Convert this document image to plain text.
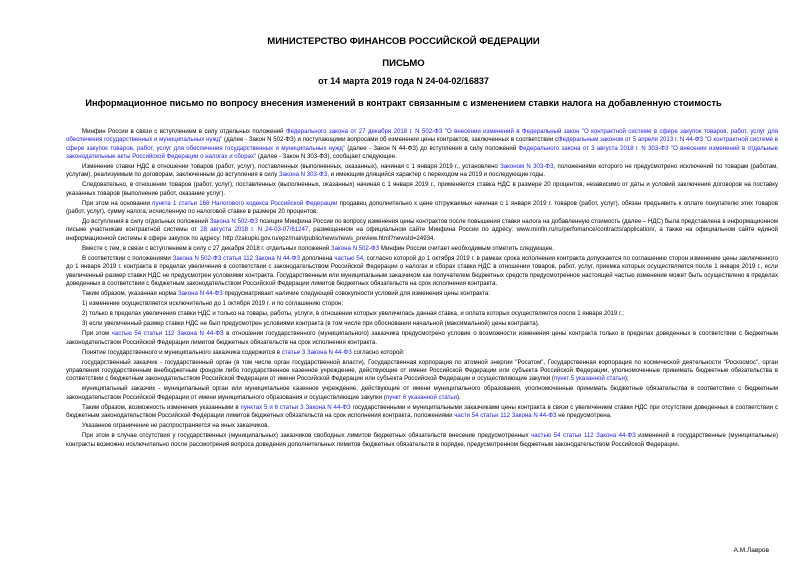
МИНИСТЕРСТВО ФИНАНСОВ РОССИЙСКОЙ ФЕДЕРАЦИИ
ПИСЬМО
от 14 марта 2019 года N 24-04-02/16837
Информационное письмо по вопросу внесения изменений в контракт связанным с изменением ставки налога на добавленную стоимость

Минфин России в связи с вступлением в силу отдельных положений Федерального закона от 27 декабря 2018 г. N 502-ФЗ "О внесении изменений в Федеральный закон "О контрактной системе в сфере закупок товаров, работ, услуг для обеспечения государственных и муниципальных нужд" (далее - Закон N 502-ФЗ) и поступающими вопросами об изменении цены контрактов, заключенных в соответствии сФедеральным законом от 5 апреля 2013 г. N 44-ФЗ "О контрактной системе в сфере закупок товаров, работ, услуг для обеспечения государственных и муниципальных нужд" (далее - Закон N 44-ФЗ) до вступления в силу положений Федерального закона от 3 августа 2018 г. N 303-ФЗ "О внесении изменений в отдельные законодательные акты Российской Федерации о налогах и сборах" (далее - Закон N 303-ФЗ), сообщает следующее.

Изменение ставки НДС в отношении товаров (работ, услуг), поставленных (выполненных, оказанных), начиная с 1 января 2019 г., установлено Законом N 303-ФЗ, положениями которого не предусмотрено исключений по товарам (работам, услугам), реализуемым по договорам, заключенным до вступления в силу Закона N 303-ФЗ, и имеющим длящийся характер с переходом на 2019 и последующие годы.

Следовательно, в отношении товаров (работ, услуг), поставленных (выполненных, оказанных) начиная с 1 января 2019 г., применяется ставка НДС в размере 20 процентов, независимо от даты и условий заключения договоров на поставку указанных товаров (выполнение работ, оказание услуг).

При этом на основании пункта 1 статьи 168 Налогового кодекса Российской Федерации продавец дополнительно к цене отгружаемых начиная с 1 января 2019 г. товаров (работ, услуг), обязан предъявить к оплате покупателю этих товаров (работ, услуг), сумму налога, исчисленную по налоговой ставке в размере 20 процентов.

До вступления в силу отдельных положений Закона N 502-ФЗ позиция Минфина России по вопросу изменения цены контрактов после повышения ставки налога на добавленную стоимость (далее – НДС) была представлена в информационном письме участникам контрактной системы от 28 августа 2018 г. N 24-03-07/61247, размещенном на официальном сайте Минфина России по адресу: www.minfin.ru/ru/perfomance/contracts/application/, а также на официальном сайте единой информационной системы в сфере закупок по адресу: http://zakupki.gov.ru/epz/main/public/news/news_preview.html?newsId=24934.

Вместе с тем, в связи с вступлением в силу с 27 декабря 2018 г. отдельных положений Закона N 502-ФЗ Минфин России считает необходимым отметить следующее.

В соответствии с положениями Закона N 502-ФЗ статья 112 Закона N 44-ФЗ дополнена частью 54, согласно которой до 1 октября 2019 г. в рамках срока исполнения контракта допускается по соглашению сторон изменение цены заключенного до 1 января 2019 г. контракта в пределах увеличения в соответствии с законодательством Российской Федерации о налогах и сборах ставки НДС в отношении товаров, работ, услуг, приемка которых осуществляется после 1 января 2019 г., если увеличенный размер ставки НДС не предусмотрен условиями контракта. Государственным или муниципальным заказчиком как получателем бюджетных средств предусмотренное настоящей частью изменение может быть осуществлено в пределах доведенных в соответствии с бюджетным законодательством Российской Федерации лимитов бюджетных обязательств на срок исполнения контракта.

Таким образом, указанная норма Закона N 44-ФЗ предусматривает наличие следующей совокупности условий для изменения цены контракта:

1) изменение осуществляется исключительно до 1 октября 2019 г. и по соглашению сторон;

2) только в пределах увеличения ставки НДС и только на товары, работы, услуги, в отношении которых увеличилась данная ставка, и оплата которых осуществляется после 1 января 2019 г.;

3) если увеличенный размер ставки НДС не был предусмотрен условиями контракта (в том числе при обосновании начальной (максимальной) цены контракта).

При этом частью 54 статьи 112 Закона N 44-ФЗ в отношении государственного (муниципального) заказчика предусмотрено условие о возможности изменения цены контракта только в пределах доведенных в соответствии с бюджетным законодательством Российской Федерации лимитов бюджетных обязательств на срок исполнения контракта.

Понятие государственного и муниципального заказчика содержится в статье 3 Закона N 44-ФЗ согласно которой:

государственный заказчик - государственный орган (в том числе орган государственной власти), Государственная корпорация по атомной энергии "Росатом", Государственная корпорация по космической деятельности "Роскосмос", орган управления государственным внебюджетным фондом либо государственное казенное учреждение, действующие от имени Российской Федерации или субъекта Российской Федерации, уполномоченные принимать бюджетные обязательства в соответствии с бюджетным законодательством Российской Федерации от имени Российской Федерации или субъекта Российской Федерации и осуществляющие закупки (пункт 5 указанной статьи);

муниципальный заказчик - муниципальный орган или муниципальное казенное учреждение, действующие от имени муниципального образования, уполномоченные принимать бюджетные обязательства в соответствии с бюджетным законодательством Российской Федерации от имени муниципального образования и осуществляющие закупки (пункт 6 указанной статьи).

Таким образом, возможность изменения указанными в пунктах 5 и 6 статьи 3 Закона N 44-ФЗ государственными и муниципальными заказчиками цены контракта в связи с увеличением ставки НДС при отсутствии доведенных в соответствии с бюджетным законодательством Российской Федерации лимитов бюджетных обязательств на срок исполнения контракта, положениями части 54 статьи 112 Закона N 44-ФЗ не предусмотрена.

Указанное ограничение не распространяется на иных заказчиков.

При этом в случае отсутствия у государственных (муниципальных) заказчиков свободных лимитов бюджетных обязательств внесение предусмотренных частью 54 статьи 112 Закона 44-ФЗ изменений в государственные (муниципальные) контракты возможно исключительно после рассмотрения вопроса доведения дополнительных лимитов бюджетных обязательств в порядке, предусмотренном бюджетным законодательством Российской Федерации.

А.М.Лавров
